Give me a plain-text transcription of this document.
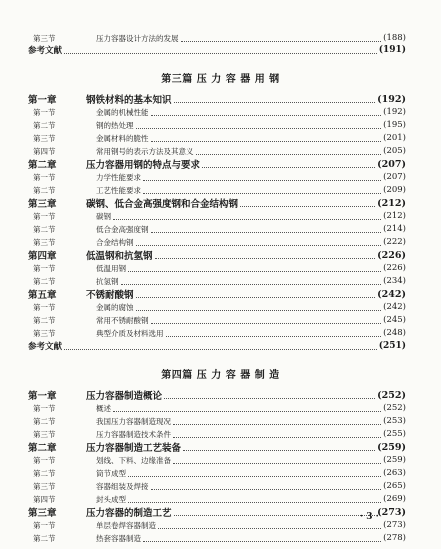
第三节	压力容器设计方法的发展	(188)
参考文献	(191)
第三篇 压 力 容 器 用 钢
第一章	钢铁材料的基本知识	(192)
第一节	金属的机械性能	(192)
第二节	钢的热处理	(195)
第三节	金属材料的脆性	(201)
第四节	常用钢号的表示方法及其意义	(205)
第二章	压力容器用钢的特点与要求	(207)
第一节	力学性能要求	(207)
第二节	工艺性能要求	(209)
第三章	碳钢、低合金高强度钢和合金结构钢	(212)
第一节	碳钢	(212)
第二节	低合金高强度钢	(214)
第三节	合金结构钢	(222)
第四章	低温钢和抗氢钢	(226)
第一节	低温用钢	(226)
第二节	抗氢钢	(234)
第五章	不锈耐酸钢	(242)
第一节	金属的腐蚀	(242)
第二节	常用不锈耐酸钢	(245)
第三节	典型介质及材料选用	(248)
参考文献	(251)
第四篇 压 力 容 器 制 造
第一章	压力容器制造概论	(252)
第一节	概述	(252)
第二节	我国压力容器制造现况	(253)
第三节	压力容器制造技术条件	(255)
第二章	压力容器制造工艺装备	(259)
第一节	划线、下料、边缘准备	(259)
第二节	筒节成型	(263)
第三节	容器组装及焊接	(265)
第四节	封头成型	(269)
第三章	压力容器的制造工艺	(273)
第一节	单层卷焊容器制造	(273)
第二节	热套容器制造	(278)
· 3 ·
